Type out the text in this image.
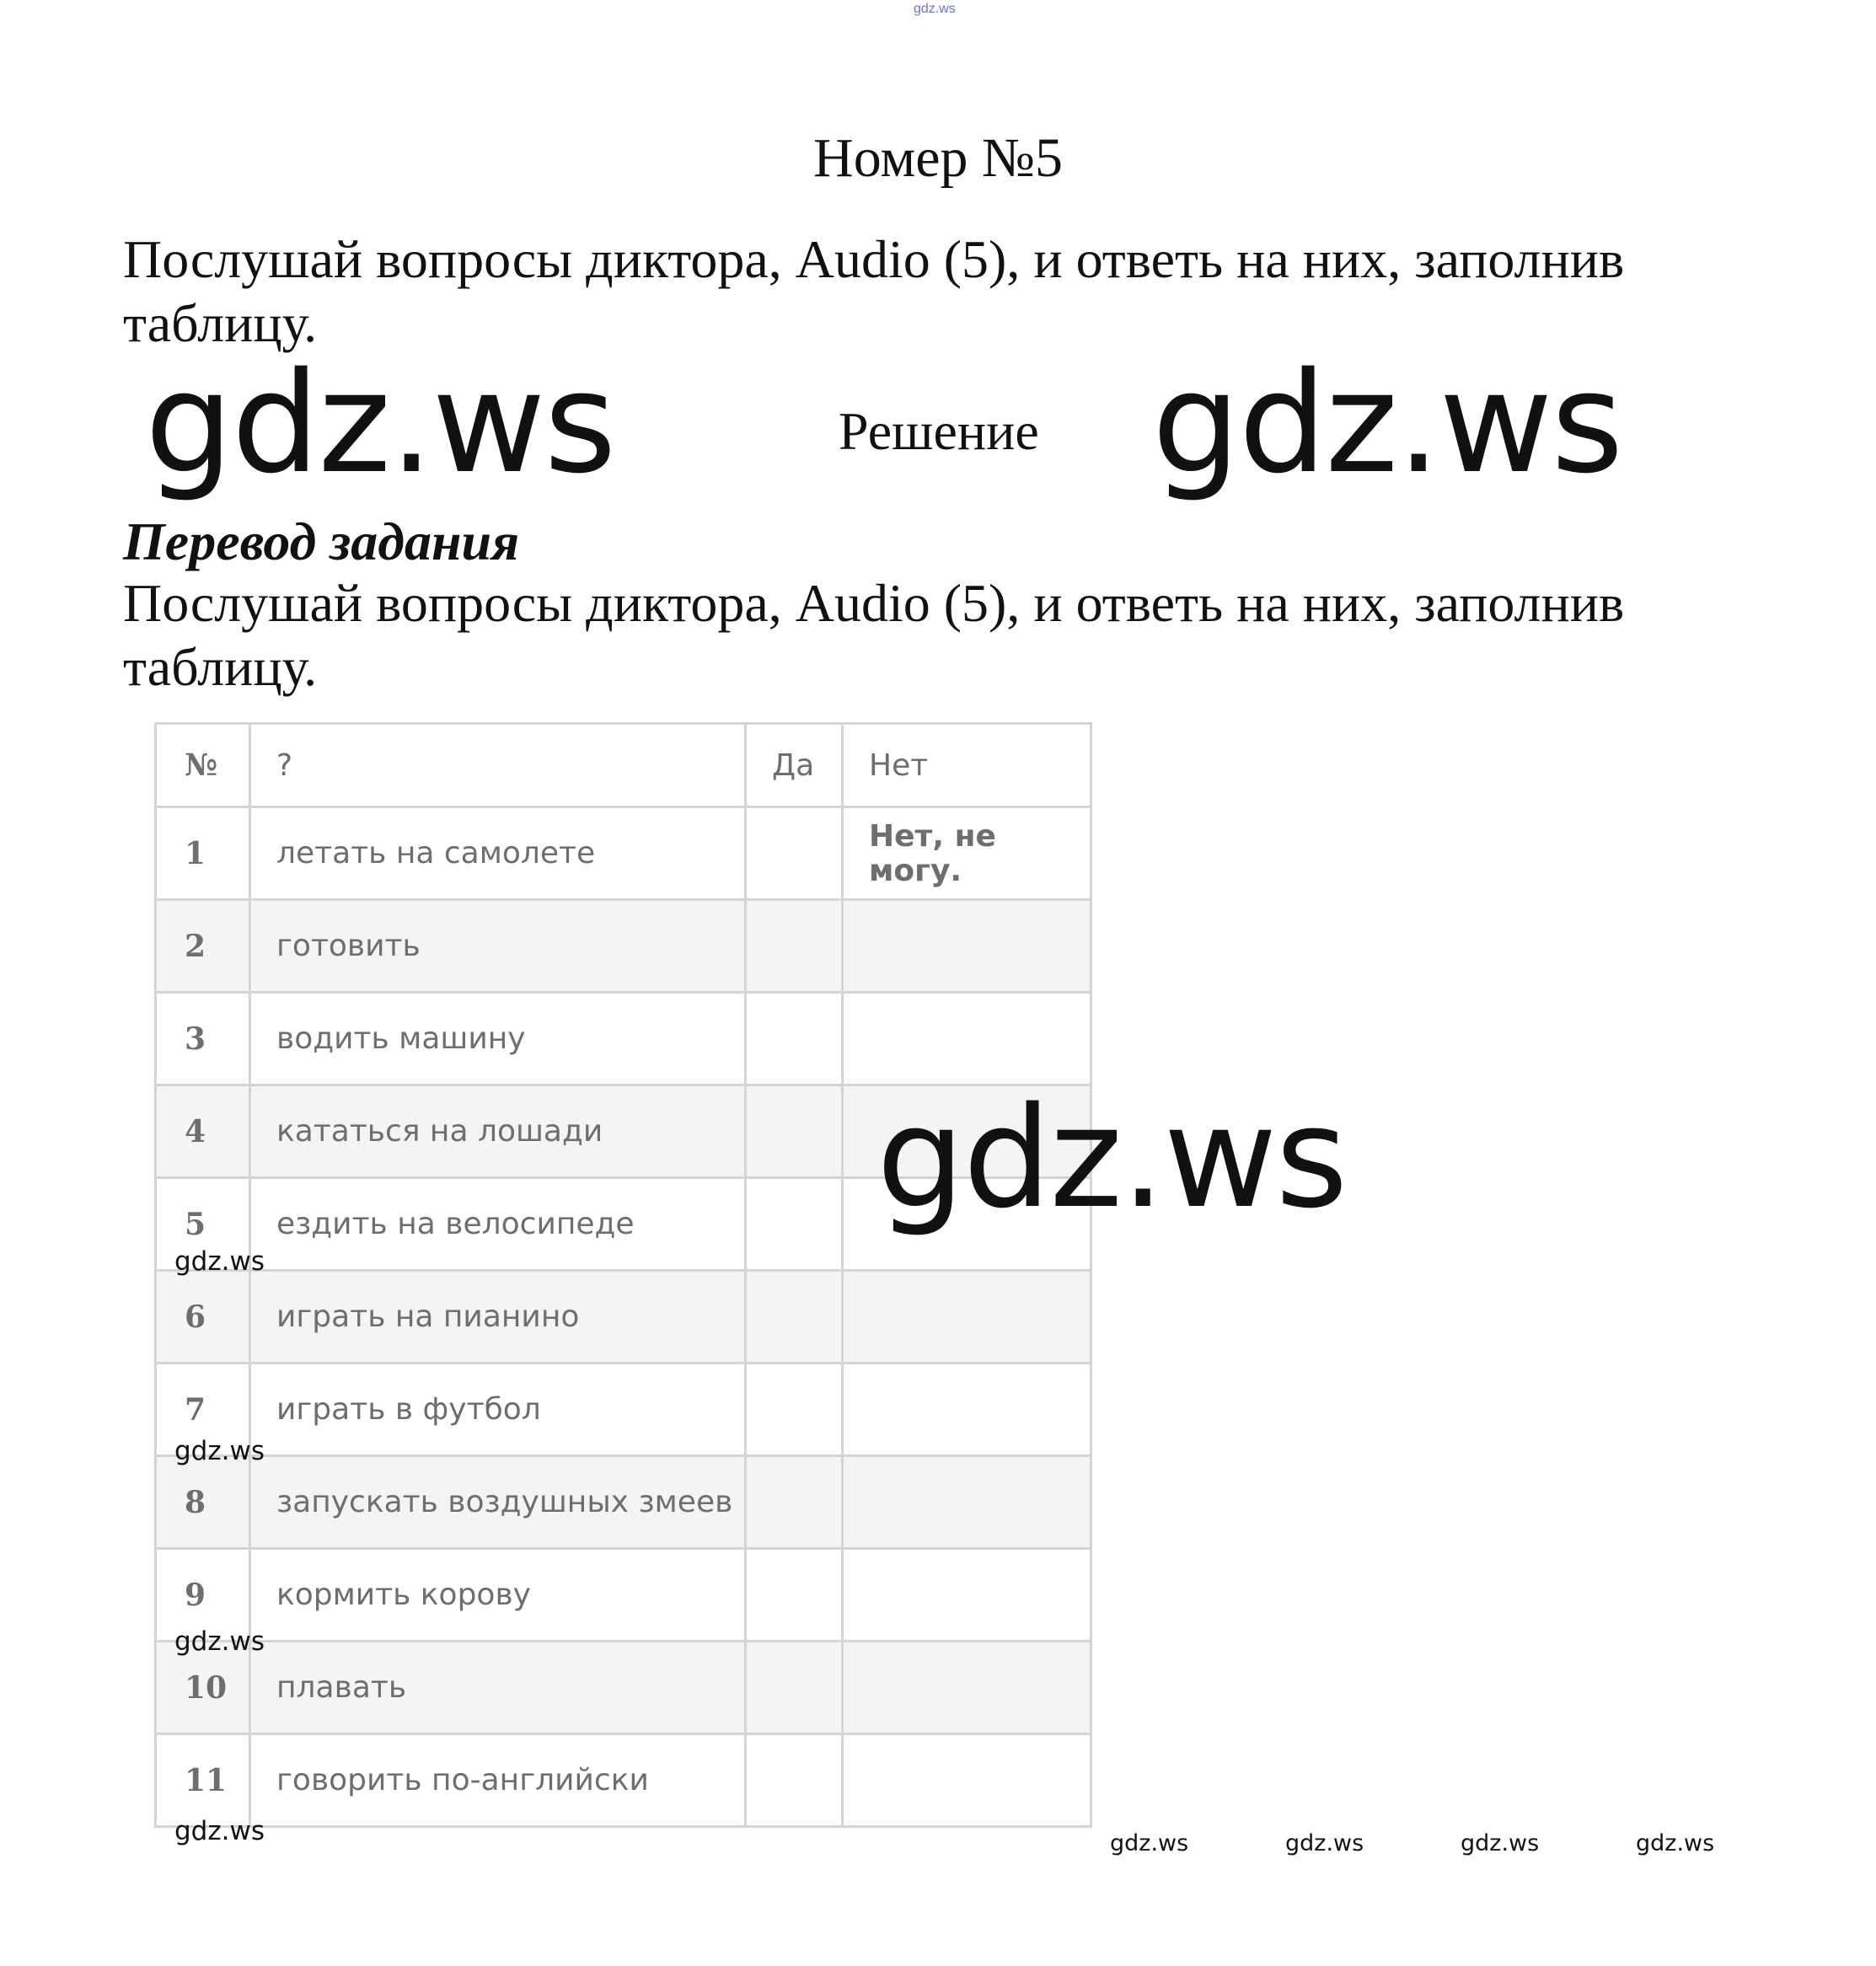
gdz.ws
Номер №5
Послушай вопросы диктора, Audio (5), и ответь на них, заполнив таблицу.
gdz.ws	Решение gdz.ws
Перевод задания
Послушай вопросы диктора, Audio (5), и ответь на них, заполнив таблицу.
№	?	Да	Нет
1	летать на самолете		Нет, не могу.
2	готовить		
3	водить машину		
4	кататься на лошади		
5	ездить на велосипеде		
6	играть на пианино		
7	играть в футбол		
8	запускать воздушных змеев		
9	кормить корову		
10	плавать		
11	говорить по-английски		
gdz.ws
gdz.ws
gdz.ws
gdz.ws
gdz.ws	gdz.ws	gdz.ws	gdz.ws	gdz.ws
